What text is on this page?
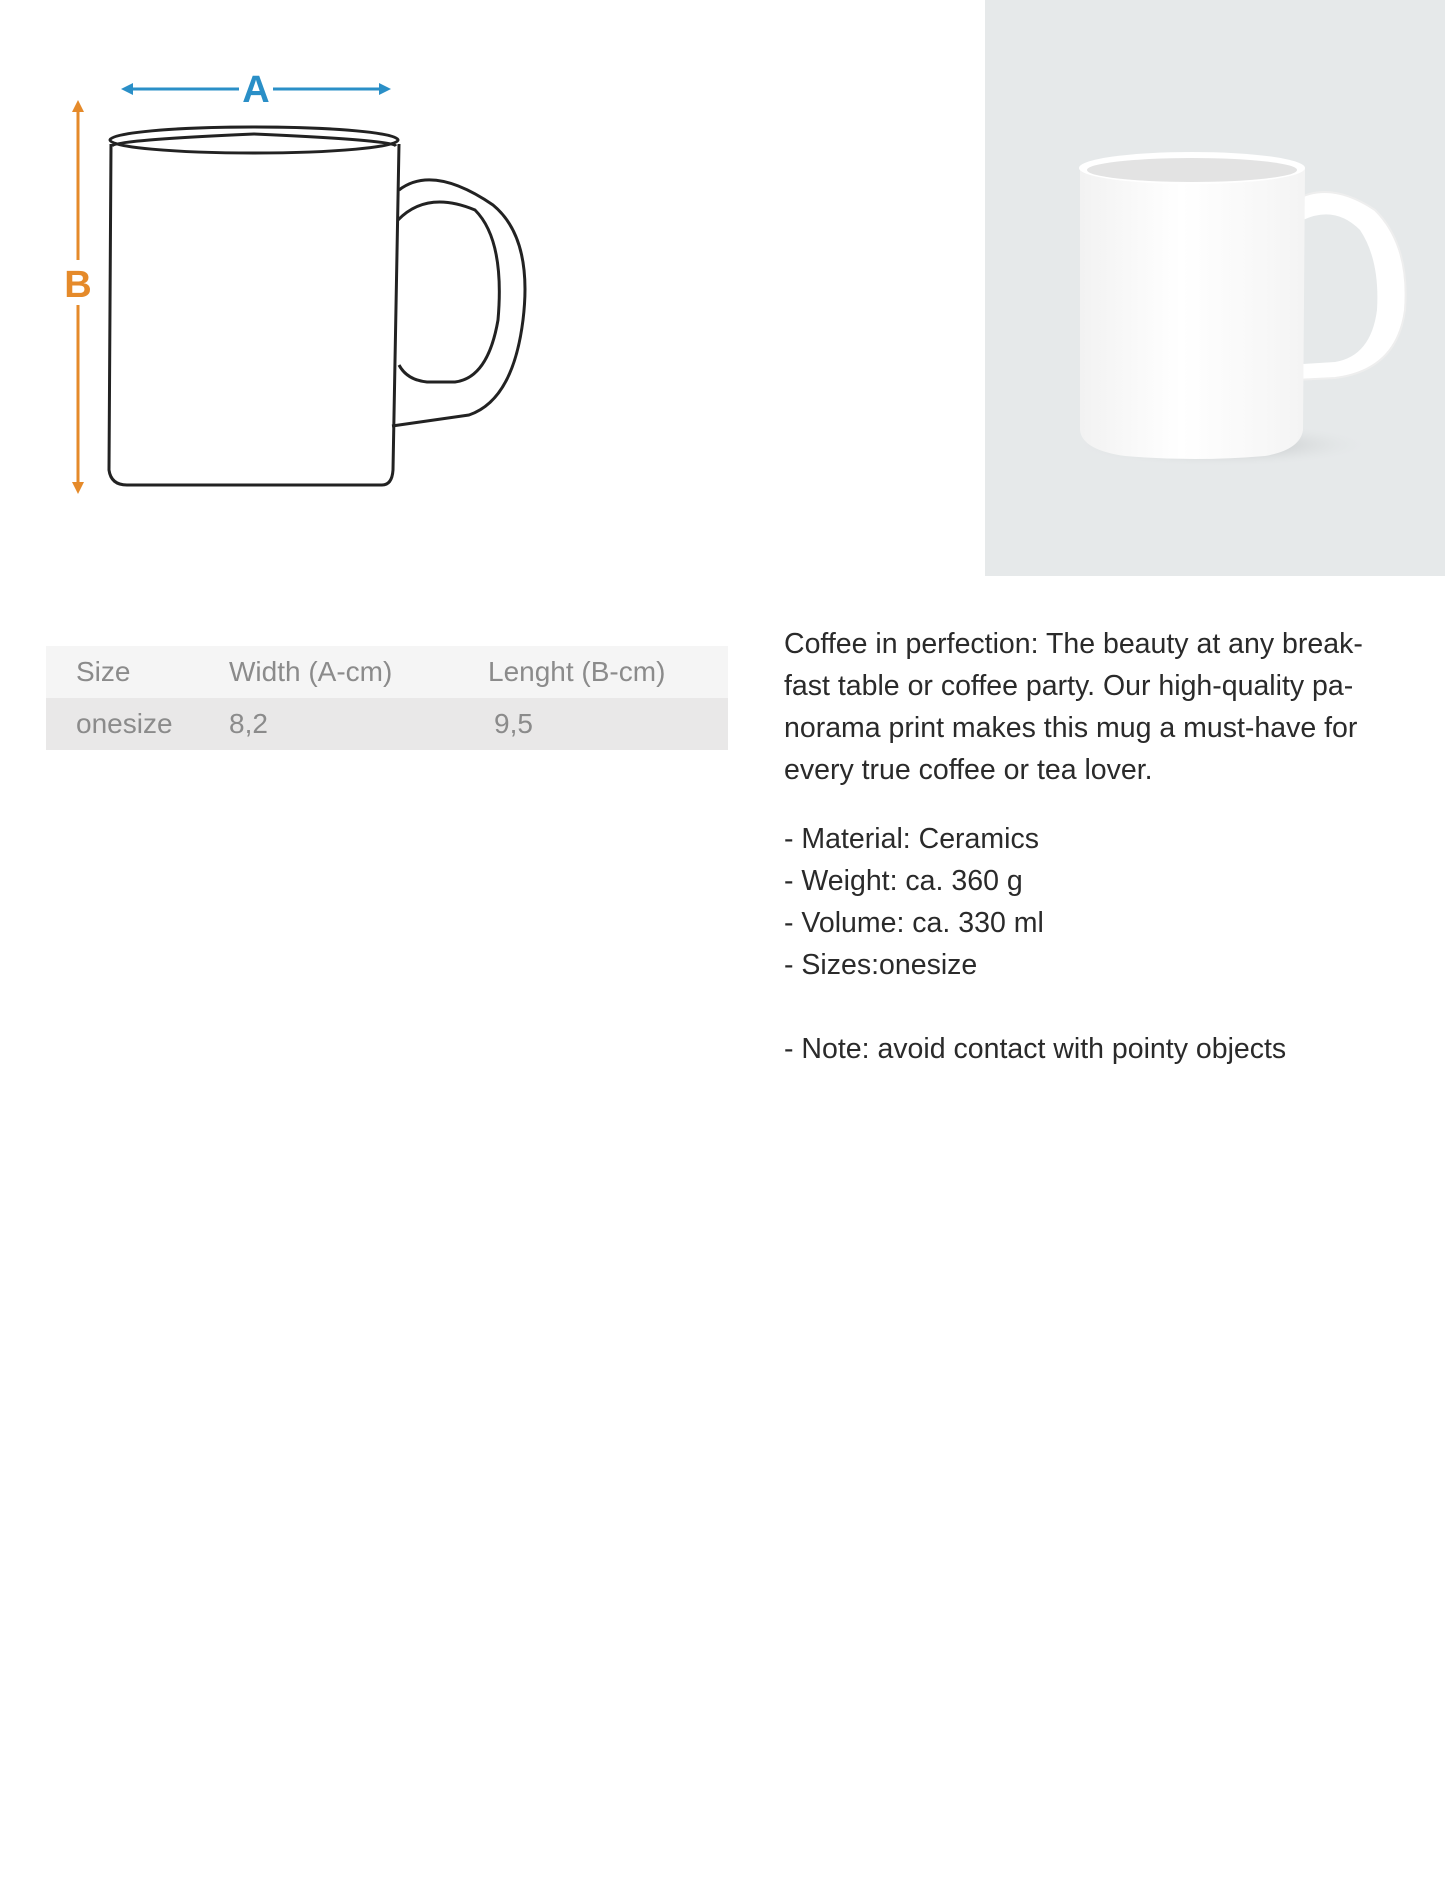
A
B
Size	Width (A-cm)	Lenght (B-cm)
onesize	8,2	9,5

Coffee in perfection: The beauty at any break-

fast table or coffee party. Our high-quality pa-

norama print makes this mug a must-have for

every true coffee or tea lover.

- Material: Ceramics

- Weight: ca. 360 g

- Volume: ca. 330 ml

- Sizes:onesize

- Note: avoid contact with pointy objects
